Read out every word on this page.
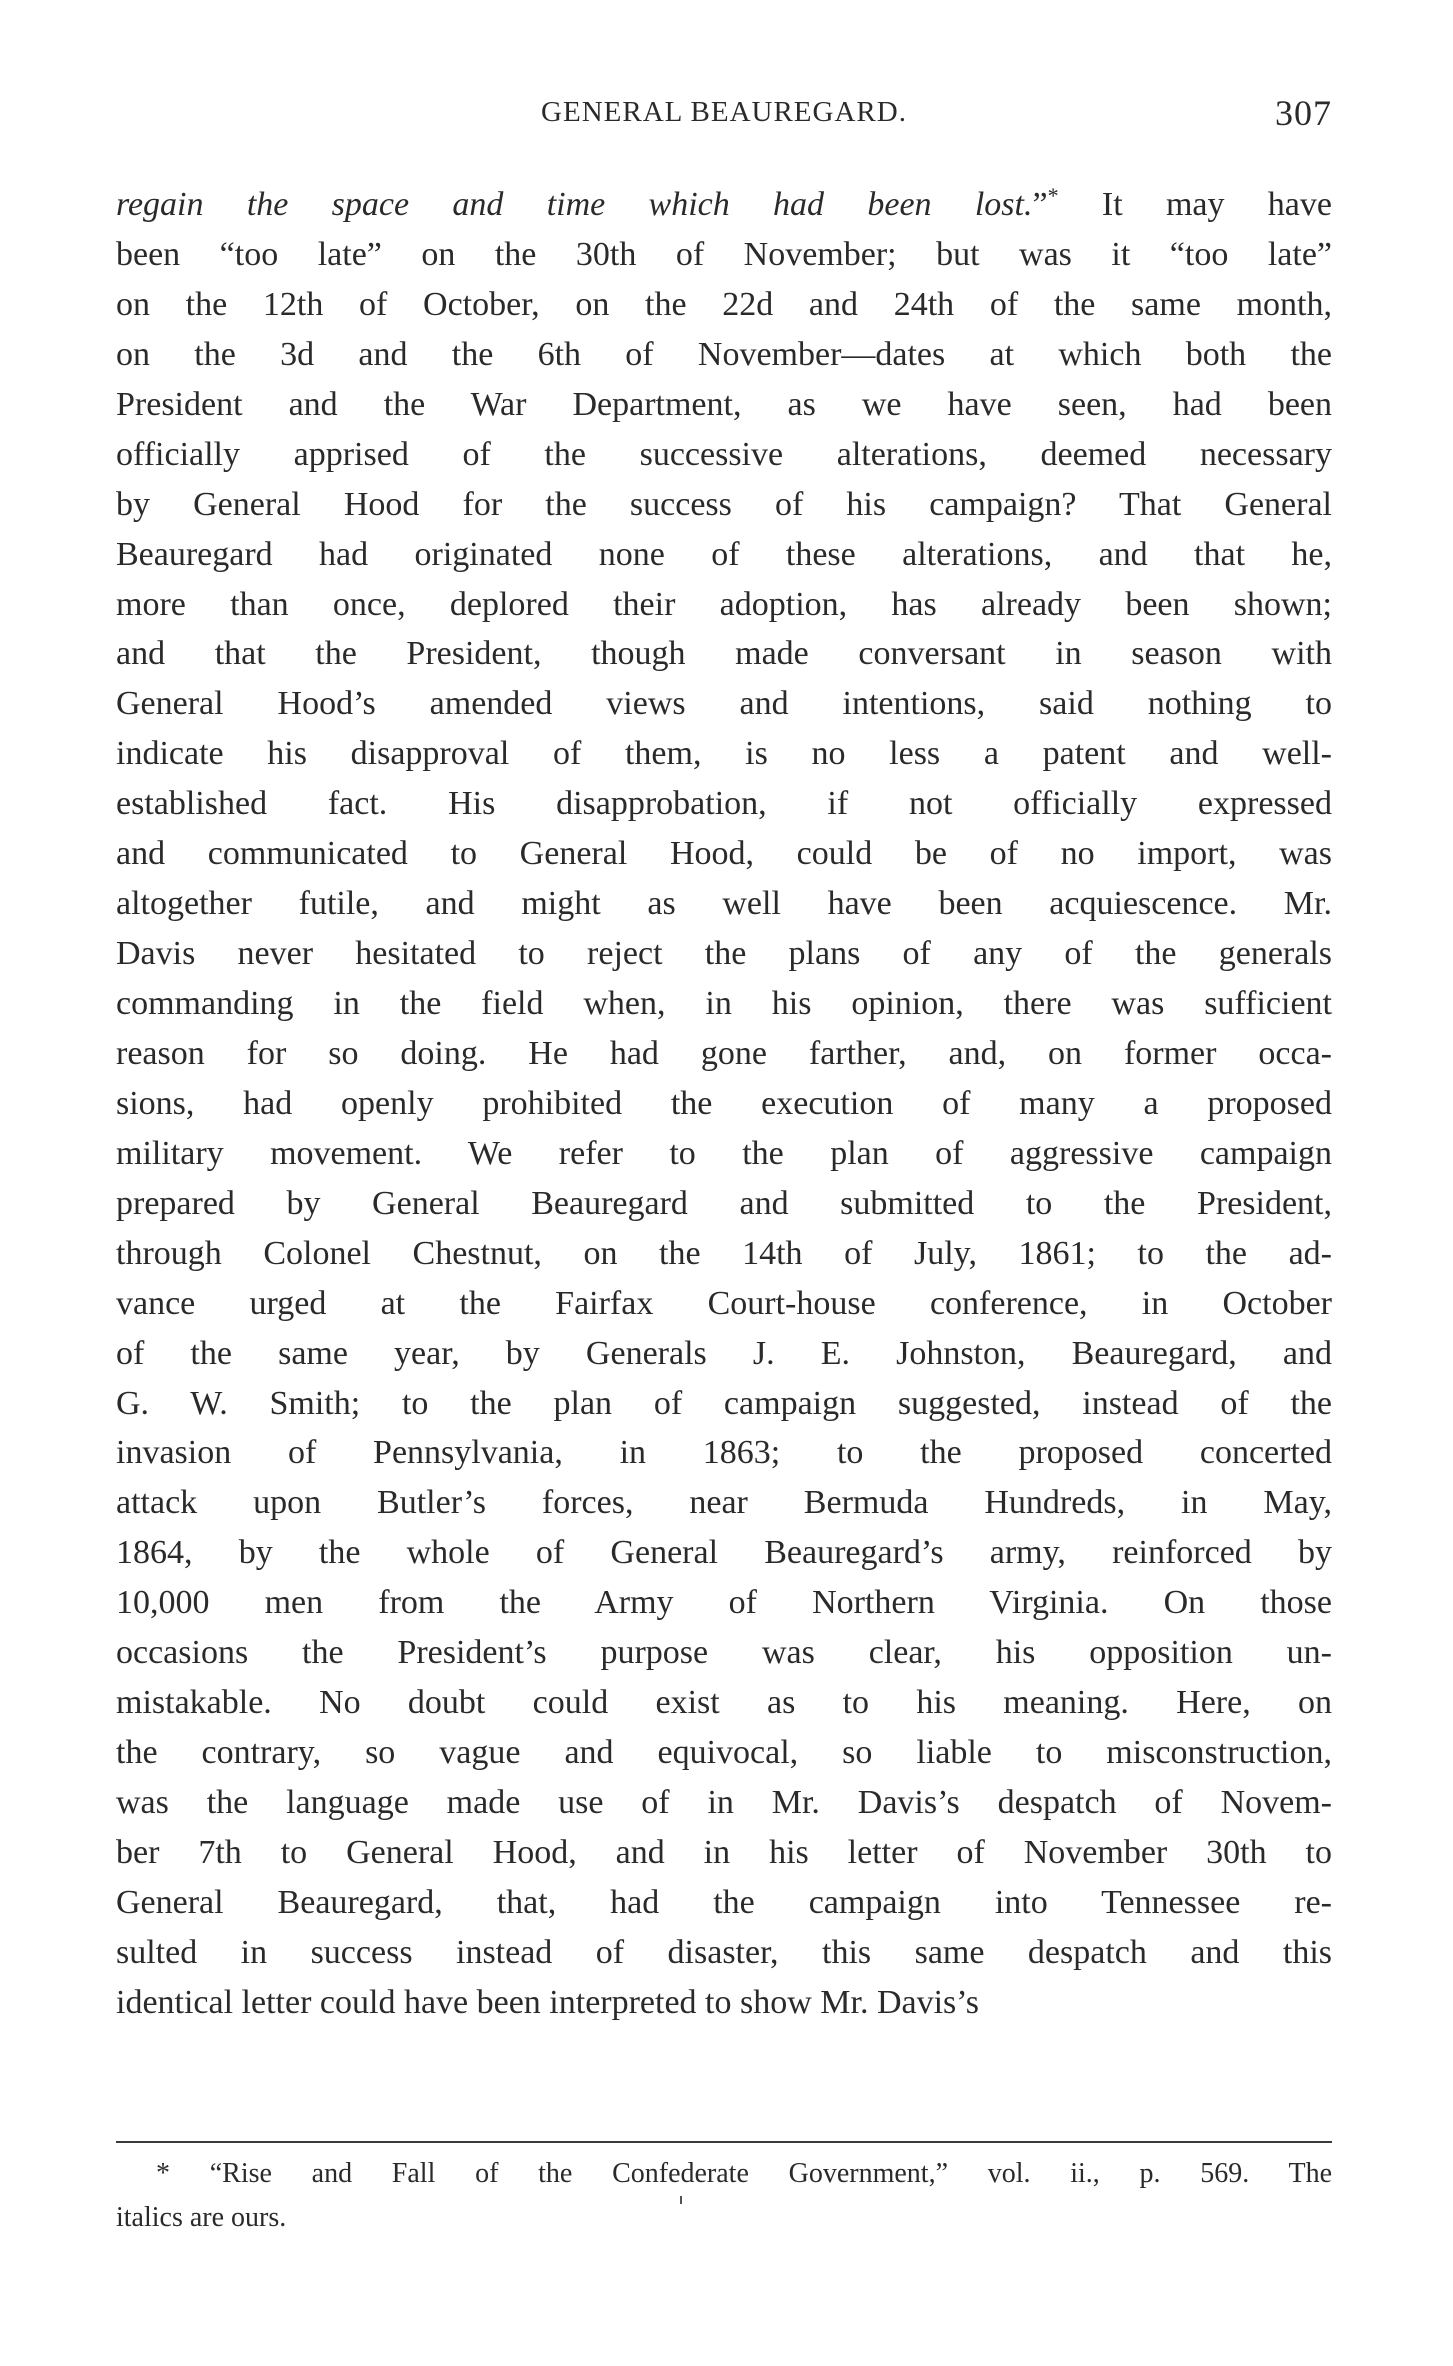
GENERAL BEAUREGARD.	307
regain the space and time which had been lost.”* It may have
been “too late” on the 30th of November; but was it “too late”
on the 12th of October, on the 22d and 24th of the same month,
on the 3d and the 6th of November—dates at which both the
President and the War Department, as we have seen, had been
officially apprised of the successive alterations, deemed necessary
by General Hood for the success of his campaign? That General
Beauregard had originated none of these alterations, and that he,
more than once, deplored their adoption, has already been shown;
and that the President, though made conversant in season with
General Hood’s amended views and intentions, said nothing to
indicate his disapproval of them, is no less a patent and well-
established fact. His disapprobation, if not officially expressed
and communicated to General Hood, could be of no import, was
altogether futile, and might as well have been acquiescence. Mr.
Davis never hesitated to reject the plans of any of the generals
commanding in the field when, in his opinion, there was sufficient
reason for so doing. He had gone farther, and, on former occa-
sions, had openly prohibited the execution of many a proposed
military movement. We refer to the plan of aggressive campaign
prepared by General Beauregard and submitted to the President,
through Colonel Chestnut, on the 14th of July, 1861; to the ad-
vance urged at the Fairfax Court-house conference, in October
of the same year, by Generals J. E. Johnston, Beauregard, and
G. W. Smith; to the plan of campaign suggested, instead of the
invasion of Pennsylvania, in 1863; to the proposed concerted
attack upon Butler’s forces, near Bermuda Hundreds, in May,
1864, by the whole of General Beauregard’s army, reinforced by
10,000 men from the Army of Northern Virginia. On those
occasions the President’s purpose was clear, his opposition un-
mistakable. No doubt could exist as to his meaning. Here, on
the contrary, so vague and equivocal, so liable to misconstruction,
was the language made use of in Mr. Davis’s despatch of Novem-
ber 7th to General Hood, and in his letter of November 30th to
General Beauregard, that, had the campaign into Tennessee re-
sulted in success instead of disaster, this same despatch and this
identical letter could have been interpreted to show Mr. Davis’s
* “Rise and Fall of the Confederate Government,” vol. ii., p. 569. The
italics are ours.
